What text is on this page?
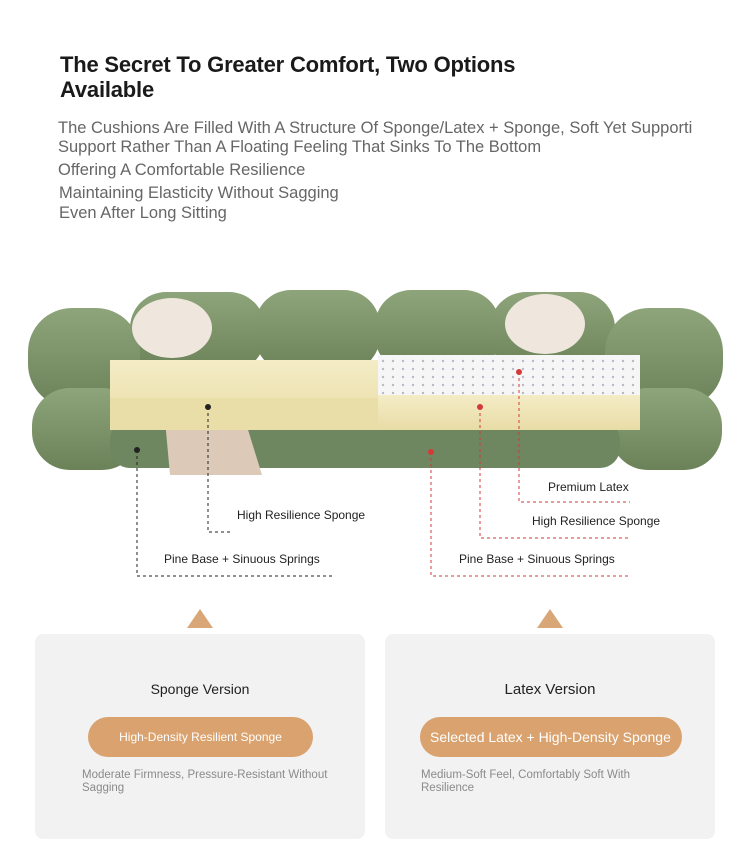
The Secret To Greater Comfort, Two Options Available
The Cushions Are Filled With A Structure Of Sponge/Latex + Sponge, Soft Yet Supporti
Support Rather Than A Floating Feeling That Sinks To The Bottom
Offering A Comfortable Resilience
Maintaining Elasticity Without Sagging
Even After Long Sitting
High Resilience Sponge
Pine Base + Sinuous Springs
Premium Latex
High Resilience Sponge
Pine Base + Sinuous Springs
Sponge Version
High-Density Resilient Sponge
Moderate Firmness, Pressure-Resistant Without Sagging
Latex Version
Selected Latex + High-Density Sponge
Medium-Soft Feel, Comfortably Soft With Resilience
